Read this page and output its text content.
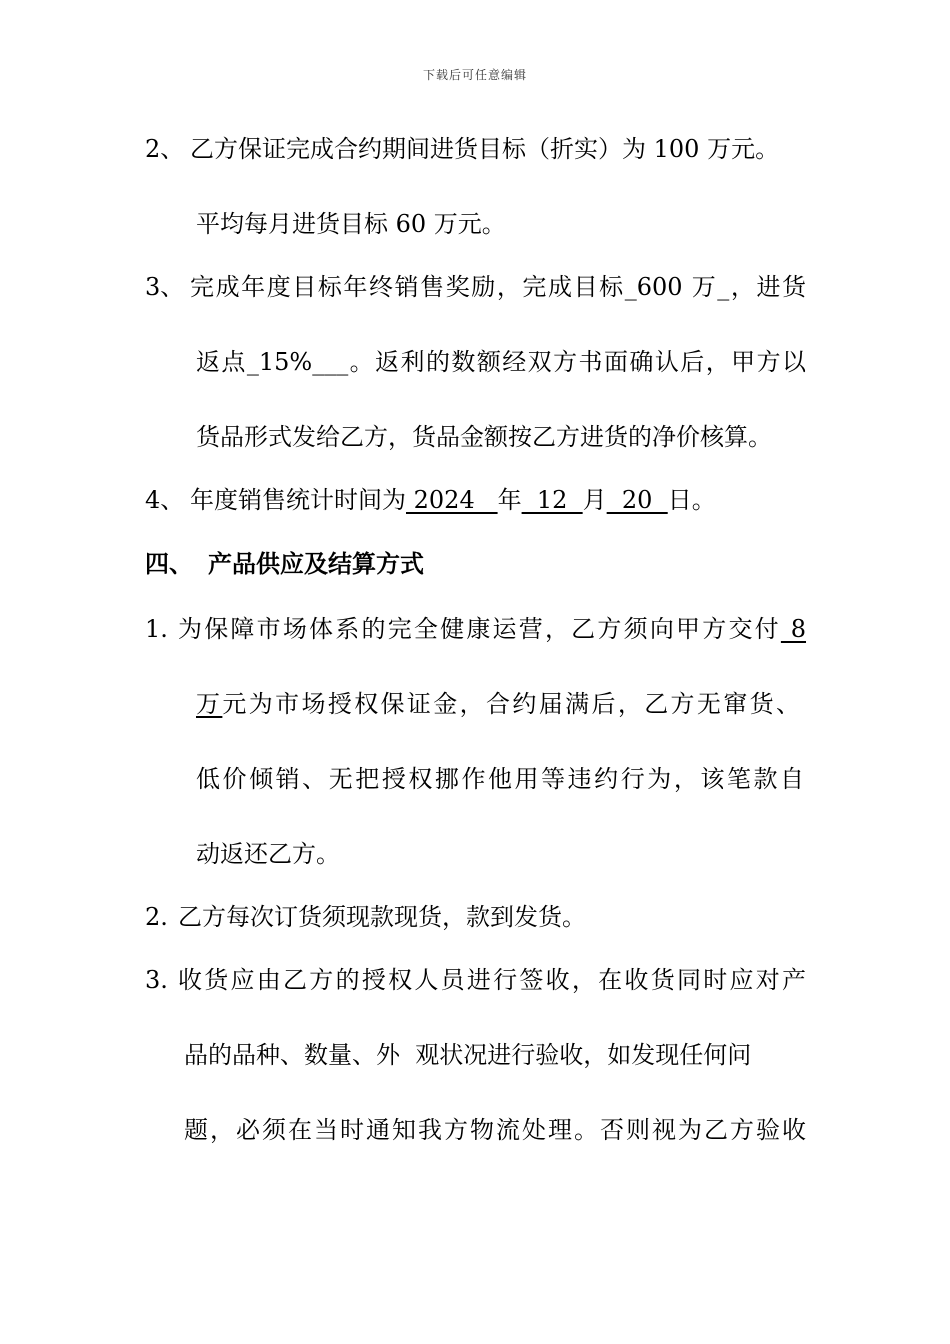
下载后可任意编辑
2、 乙方保证完成合约期间进货目标（折实）为 100 万元。
平均每月进货目标 60 万元。
3、 完成年度目标年终销售奖励，完成目标_600 万_，进货
返点_15%___。返利的数额经双方书面确认后，甲方以
货品形式发给乙方，货品金额按乙方进货的净价核算。
4、 年度销售统计时间为 2024   年  12  月  20  日。
四、 产品供应及结算方式
1. 为保障市场体系的完全健康运营，乙方须向甲方交付 8
万元为市场授权保证金，合约届满后，乙方无窜货、
低价倾销、无把授权挪作他用等违约行为，该笔款自
动返还乙方。
2. 乙方每次订货须现款现货，款到发货。
3. 收货应由乙方的授权人员进行签收，在收货同时应对产
品的品种、数量、外  观状况进行验收，如发现任何问
题，必须在当时通知我方物流处理。否则视为乙方验收
